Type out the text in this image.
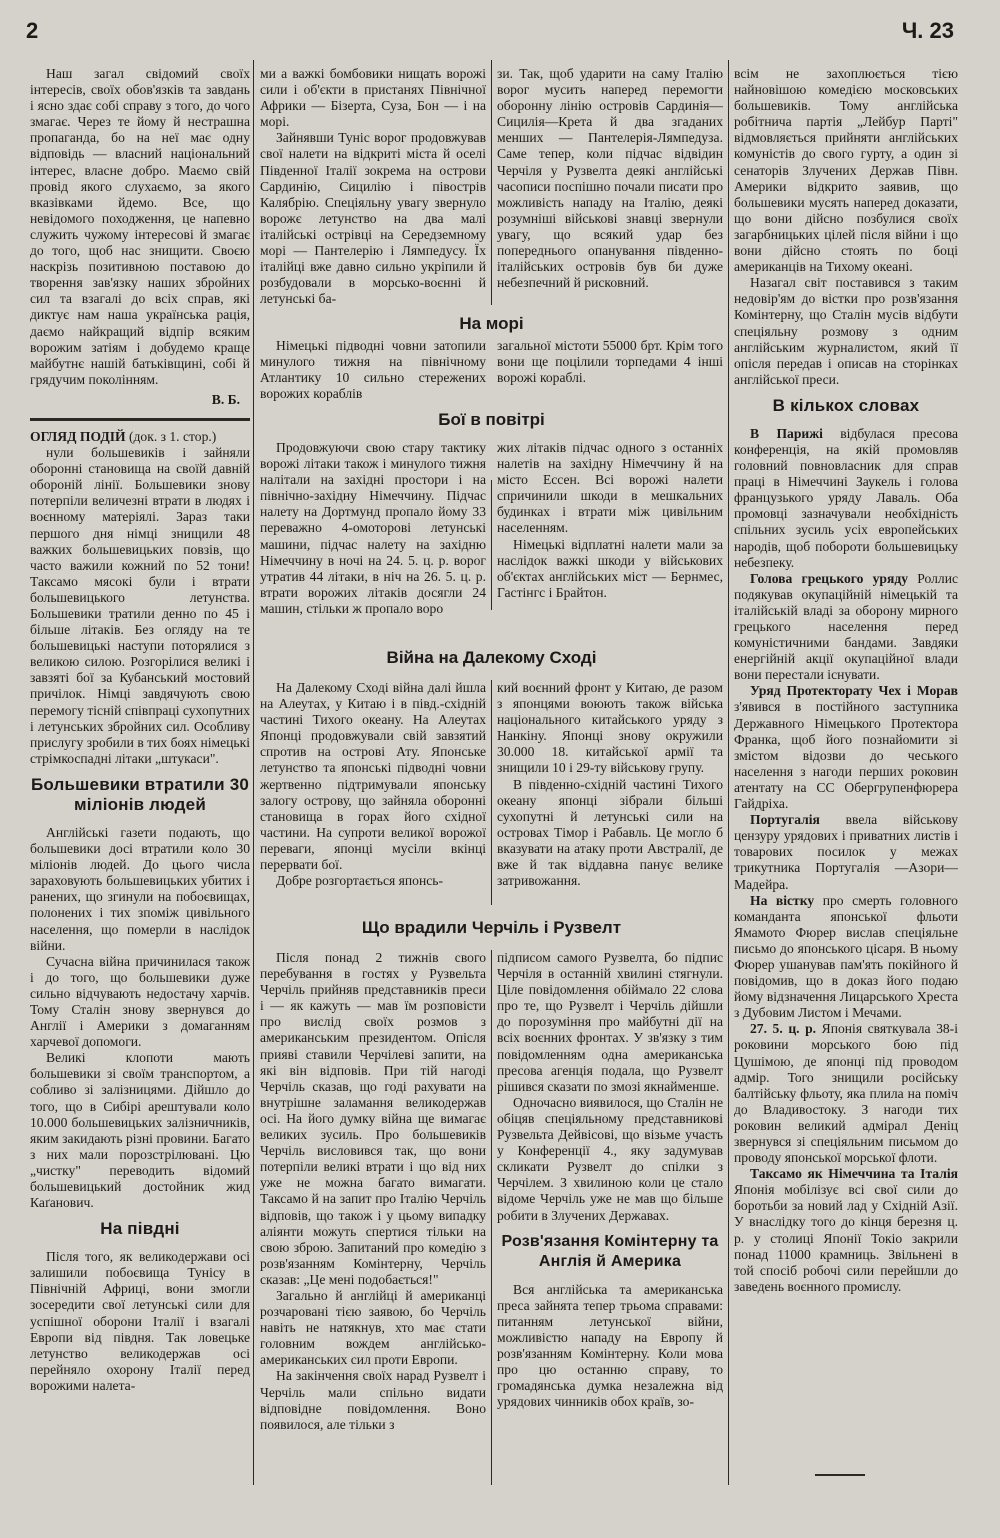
2	Ч. 23

Наш загал свідомий своїх інтересів, своїх обов'язків та завдань і ясно здає собі справу з того, до чого змагає. Через те йому й нестрашна пропаганда, бо на неї має одну відповідь — власний національний інтерес, власне добро. Маємо свій провід якого слухаємо, за якого вказівками йдемо. Все, що невідомого походження, це напевно служить чужому інтересові й змагає до того, щоб нас знищити. Своєю наскрізь позитивною поставою до творення зав'язку наших збройних сил та взагалі до всіх справ, які диктує нам наша українська рація, даємо найкращий відпір всяким ворожим затіям і добудемо краще майбутнє нашій батьківщині, собі й грядучим поколінням.

В. Б.

ОГЛЯД ПОДІЙ (док. з 1. стор.)

нули большевиків і зайняли оборонні становища на своїй давній обороній лінії. Большевики знову потерпіли величезні втрати в людях і воєнному матеріялі. Зараз таки першого дня німці знищили 48 важких большевицьких повзів, що часто важили кожний по 52 тони! Таксамо мясокі були і втрати большевицького летунства. Большевики тратили денно по 45 і більше літаків. Без огляду на те большевицькі наступи поторялися з великою силою. Розгорілися великі і завзяті бої за Кубанський мостовий причілок. Німці завдячують свою перемогу тісній співпраці сухопутних і летунських збройних сил. Особливу прислугу зробили в тих боях німецькі стрімкоспадні літаки „штукаси".

Большевики втратили 30 міліонів людей

Англійські газети подають, що большевики досі втратили коло 30 міліонів людей. До цього числа зараховують большевицьких убитих і ранених, що згинули на побоєвищах, полонених і тих зпоміж цивільного населення, що померли в наслідок війни.

Сучасна війна причинилася також і до того, що большевики дуже сильно відчувають недостачу харчів. Тому Сталін знову звернувся до Англії і Америки з домаганням харчевої допомоги.

Великі клопоти мають большевики зі своїм транспортом, а собливо зі залізницями. Дійшло до того, що в Сибірі арештували коло 10.000 большевицьких залізничників, яким закидають різні провини. Багато з них мали порозстрілювані. Цю „чистку" переводить відомий большевицький достойник жид Каґанович.

На півдні

Після того, як великодержави осі залишили побоєвища Тунісу в Північній Африці, вони змогли зосередити свої летунські сили для успішної оборони Італії і взагалі Европи від півдня. Так ловецьке летунство великодержав осі перейняло охорону Італії перед ворожими налета-

ми а важкі бомбовики нищать ворожі сили і об'єкти в пристанях Північної Африки — Бізерта, Суза, Бон — і на морі.

Зайнявши Туніс ворог продовжував свої налети на відкриті міста й оселі Південної Італії зокрема на острови Сардинію, Сицилію і півострів Калябрію. Спеціяльну увагу звернуло ворожє летунство на два малі італійські острівці на Середземному морі — Пантелерію і Лямпедусу. Їх італійці вже давно сильно укріпили й розбудовали в морсько-воєнні й летунські ба-

зи. Так, щоб ударити на саму Італію ворог мусить наперед перемогти оборонну лінію островів Сардинія—Сицилія—Крета й два згаданих менших — Пантелерія-Лямпедуза. Саме тепер, коли підчас відвідин Черчіля у Рузвелта деякі англійські часописи поспішно почали писати про можливість нападу на Італію, деякі розумніші військові знавці звернули увагу, що всякий удар без попереднього опанування південно-італійських островів був би дуже небезпечний й рисковний.

На морі

Німецькі підводні човни затопили минулого тижня на північному Атлантику 10 сильно стережених ворожих кораблів

загальної містоти 55000 брт. Крім того вони ще поцілили торпедами 4 інші ворожі кораблі.

Бої в повітрі

Продовжуючи свою стару тактику ворожі літаки також і минулого тижня налітали на західні простори і на північно-західну Німеччину. Підчас налету на Дортмунд пропало йому 33 переважно 4-омоторові летунські машини, підчас налету на західню Німеччину в ночі на 24. 5. ц. р. ворог утратив 44 літаки, в ніч на 26. 5. ц. р. втрати ворожих літаків досягли 24 машин, стільки ж пропало воро

жих літаків підчас одного з останніх налетів на західну Німеччину й на місто Ессен. Всі ворожі налети спричинили шкоди в мешкальних будинках і втрати між цивільним населенням.

Німецькі відплатні налети мали за наслідок важкі шкоди у військових об'єктах англійських міст — Бернмес, Гастінгс і Брайтон.

Війна на Далекому Сході

На Далекому Сході війна далі йшла на Алеутах, у Китаю і в півд.-східній частині Тихого океану. На Алеутах Японці продовжували свій завзятий спротив на острові Ату. Японське летунство та японські підводні човни жертвенно підтримували японську залогу острову, що зайняла оборонні становища в горах його східної частини. На супроти великої ворожої переваги, японці мусіли вкінці перервати бої.

Добре розгортається японсь-

кий воєнний фронт у Китаю, де разом з японцями воюють також війська національного китайського уряду з Нанкіну. Японці знову окружили 30.000 18. китайської армії та знищили 10 і 29-ту військову групу.

В південно-східній частині Тихого океану японці зібрали більші сухопутні й летунські сили на островах Тімор і Рабавль. Це могло б вказувати на атаку проти Австралії, де вже й так віддавна панує велике затривожання.

Що врадили Черчіль і Рузвелт

Після понад 2 тижнів свого перебування в гостях у Рузвельта Черчіль прийняв представників преси і — як кажуть — мав їм розповісти про вислід своїх розмов з американським президентом. Опісля прияві ставили Черчілеві запити, на які він відповів. При тій нагоді Черчіль сказав, що годі рахувати на внутрішне заламання великодержав осі. На його думку війна ще вимагає великих зусиль. Про большевиків Черчіль висловився так, що вони потерпіли великі втрати і що від них уже не можна багато вимагати. Таксамо й на запит про Італію Черчіль відповів, що також і у цьому випадку аліянти можуть спертися тільки на свою зброю. Запитаний про комедію з розв'язанням Комінтерну, Черчіль сказав: „Це мені подобається!"

Загально й англійці й американці розчаровані тією заявою, бо Черчіль навіть не натякнув, хто має стати головним вождем англійсько-американських сил проти Европи.

На закінчення своїх нарад Рузвелт і Черчіль мали спільно видати відповідне повідомлення. Воно появилося, але тільки з

підписом самого Рузвелта, бо підпис Черчіля в останній хвилині стягнули. Ціле повідомлення обіймало 22 слова про те, що Рузвелт і Черчіль дійшли до порозуміння про майбутні дії на всіх воєнних фронтах. У зв'язку з тим повідомленням одна американська пресова агенція подала, що Рузвелт рішився сказати по змозі якнайменше.

Одночасно виявилося, що Сталін не обіцяв спеціяльному представникові Рузвельта Дейвісові, що візьме участь у Конференції 4., яку задумував скликати Рузвелт до спілки з Черчілем. З хвилиною коли це стало відоме Черчіль уже не мав що більше робити в Злучених Державах.

Розв'язання Комінтерну та Англія й Америка

Вся англійська та американська преса зайнята тепер трьома справами: питанням летунської війни, можливістю нападу на Европу й розв'язанням Комінтерну. Коли мова про цю останню справу, то громадянська думка незалежна від урядових чинників обох країв, зо-

всім не захоплюється тією найновішою комедією московських большевиків. Тому англійська робітнича партія „Лейбур Парті" відмовляється прийняти англійських комуністів до свого гурту, а один зі сенаторів Злучених Держав Півн. Америки відкрито заявив, що большевики мусять наперед доказати, що вони дійсно позбулися своїх загарбницьких цілей після війни і що вони дійсно стоять по боці американців на Тихому океані.

Назагал світ поставився з таким недовір'ям до вістки про розв'язання Комінтерну, що Сталін мусів відбути спеціяльну розмову з одним англійським журналистом, який її опісля передав і описав на сторінках англійської преси.

В кількох словах

В Парижі відбулася пресова конференція, на якій промовляв головний повновласник для справ праці в Німеччині Заукель і голова французького уряду Лаваль. Оба промовці зазначували необхідність спільних зусиль усіх европейських народів, щоб побороти большевицьку небезпеку.

Голова грецького уряду Роллис подякував окупаційній німецькій та італійській владі за оборону мирного грецького населення перед комуністичними бандами. Завдяки енергійній акції окупаційної влади вони перестали існувати.

Уряд Протекторату Чех і Морав з'явився в постійного заступника Державного Німецького Протектора Франка, щоб його познайомити зі змістом відозви до чеського населення з нагоди перших роковин атентату на СС Обергрупенфюрера Гайдріха.

Португалія ввела військову цензуру урядових і приватних листів і товарових посилок у межах трикутника Португалія —Азори—Мадейра.

На вістку про смерть головного команданта японської фльоти Ямамото Фюрер вислав спеціяльне письмо до японського цісаря. В ньому Фюрер ушанував пам'ять покійного й повідомив, що в доказ його подаю йому відзначення Лицарського Хреста з Дубовим Листом і Мечами.

27. 5. ц. р. Японія святкувала 38-і роковини морського бою під Цушімою, де японці під проводом адмір. Того знищили російську балтійську фльоту, яка плила на поміч до Владивостоку. З нагоди тих роковин великий адмірал Деніц звернувся зі спеціяльним письмом до проводу японської морської флоти.

Таксамо як Німеччина та Італія Японія мобілізує всі свої сили до боротьби за новий лад у Східній Азії. У внаслідку того до кінця березня ц. р. у столиці Японії Токіо закрили понад 11000 крамниць. Звільнені в той спосіб робочі сили перейшли до заведень воєнного промислу.
